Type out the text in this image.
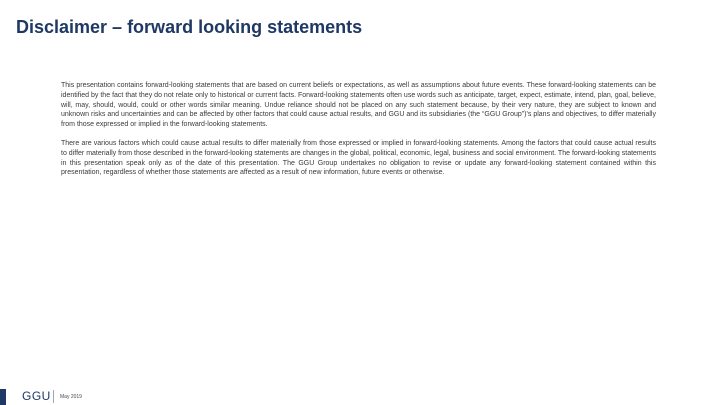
Disclaimer – forward looking statements

This presentation contains forward-looking statements that are based on current beliefs or expectations, as well as assumptions about future events. These forward-looking statements can be identified by the fact that they do not relate only to historical or current facts. Forward-looking statements often use words such as anticipate, target, expect, estimate, intend, plan, goal, believe, will, may, should, would, could or other words similar meaning. Undue reliance should not be placed on any such statement because, by their very nature, they are subject to known and unknown risks and uncertainties and can be affected by other factors that could cause actual results, and GGU and its subsidiaries (the “GGU Group”)’s plans and objectives, to differ materially from those expressed or implied in the forward-looking statements.

There are various factors which could cause actual results to differ materially from those expressed or implied in forward-looking statements. Among the factors that could cause actual results to differ materially from those described in the forward-looking statements are changes in the global, political, economic, legal, business and social environment. The forward-looking statements in this presentation speak only as of the date of this presentation. The GGU Group undertakes no obligation to revise or update any forward-looking statement contained within this presentation, regardless of whether those statements are affected as a result of new information, future events or otherwise.

GGU May 2019
